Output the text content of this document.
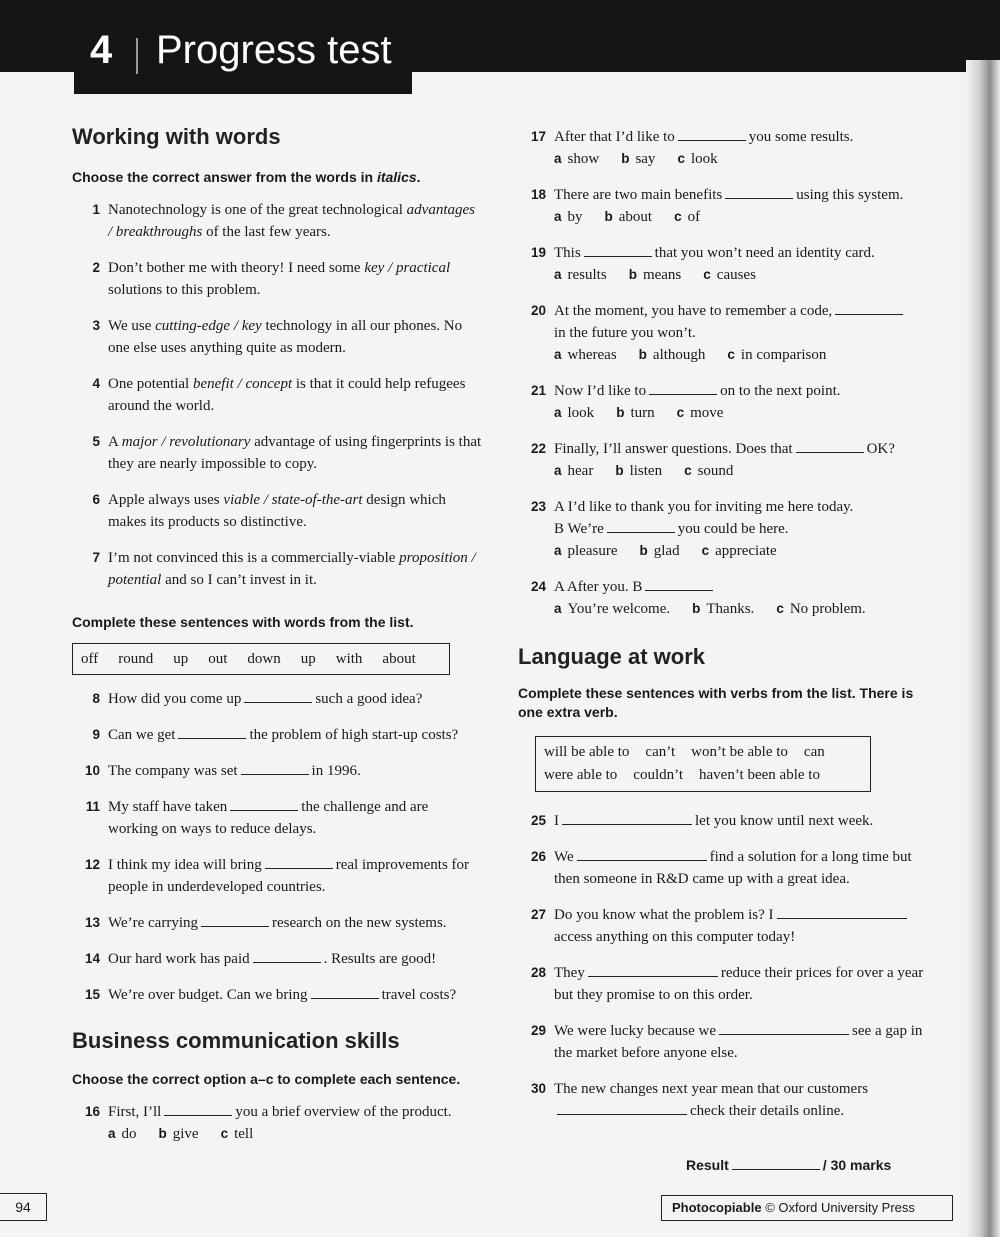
4 Progress test
Working with words
Choose the correct answer from the words in italics.
1 Nanotechnology is one of the great technological advantages / breakthroughs of the last few years.
2 Don’t bother me with theory! I need some key / practical solutions to this problem.
3 We use cutting-edge / key technology in all our phones. No one else uses anything quite as modern.
4 One potential benefit / concept is that it could help refugees around the world.
5 A major / revolutionary advantage of using fingerprints is that they are nearly impossible to copy.
6 Apple always uses viable / state-of-the-art design which makes its products so distinctive.
7 I’m not convinced this is a commercially-viable proposition / potential and so I can’t invest in it.
Complete these sentences with words from the list.
off round up out down up with about
8 How did you come up	such a good idea?
9 Can we get	the problem of high start-up costs?
10 The company was set	in 1996.
11 My staff have taken	the challenge and are working on ways to reduce delays.
12 I think my idea will bring	real improvements for people in underdeveloped countries.
13 We’re carrying	research on the new systems.
14 Our hard work has paid	. Results are good!
15 We’re over budget. Can we bring	travel costs?
Business communication skills
Choose the correct option a–c to complete each sentence.
16 First, I’ll	you a brief overview of the product.
a do b give c tell
17 After that I’d like to	you some results.
a show b say c look
18 There are two main benefits	using this system.
a by b about c of
19 This	that you won’t need an identity card.
a results b means c causes
20 At the moment, you have to remember a code,
in the future you won’t.
a whereas b although c in comparison
21 Now I’d like to	on to the next point.
a look b turn c move
22 Finally, I’ll answer questions. Does that	OK?
a hear b listen c sound
23 A I’d like to thank you for inviting me here today.
B We’re	you could be here.
a pleasure b glad c appreciate
24 A After you. B
a You’re welcome. b Thanks. c No problem.
Language at work
Complete these sentences with verbs from the list. There is one extra verb.
will be able to can’t won’t be able to can
were able to couldn’t haven’t been able to
25 I	let you know until next week.
26 We	find a solution for a long time but then someone in R&D came up with a great idea.
27 Do you know what the problem is? Iaccess anything on this computer today!
28 They	reduce their prices for over a year but they promise to on this order.
29 We were lucky because we	see a gap in the market before anyone else.
30 The new changes next year mean that our customers
check their details online.
Result	/ 30 marks
94	Photocopiable © Oxford University Press
